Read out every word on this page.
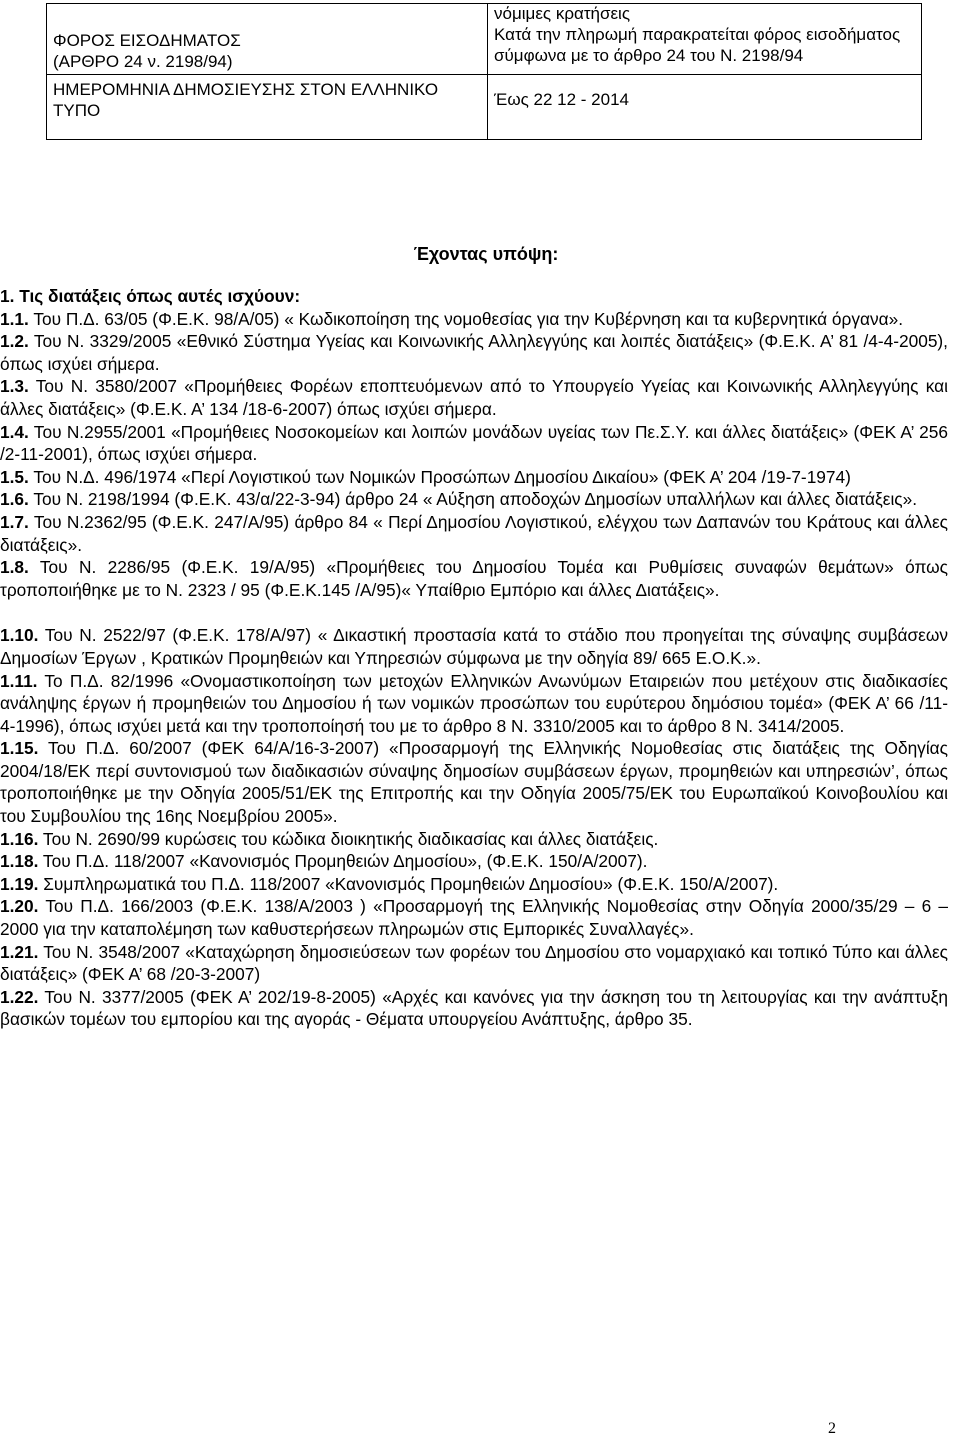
ΦΟΡΟΣ ΕΙΣΟΔΗΜΑΤΟΣ
(ΑΡΘΡΟ 24 ν. 2198/94)	νόμιμες κρατήσεις
Κατά την πληρωμή παρακρατείται φόρος εισοδήματος
σύμφωνα με το άρθρο 24 του Ν. 2198/94

ΗΜΕΡΟΜΗΝΙΑ ΔΗΜΟΣΙΕΥΣΗΣ ΣΤΟΝ ΕΛΛΗΝΙΚΟ
ΤΥΠΟ	Έως 22 12 - 2014
Έχοντας υπόψη:

1. Τις διατάξεις όπως αυτές ισχύουν:

1.1. Του Π.Δ. 63/05 (Φ.Ε.Κ. 98/Α/05) « Κωδικοποίηση της νομοθεσίας για την Κυβέρνηση και τα κυβερνητικά όργανα».

1.2. Του Ν. 3329/2005 «Εθνικό Σύστημα Υγείας και Κοινωνικής Αλληλεγγύης και λοιπές διατάξεις» (Φ.Ε.Κ. Α’ 81 /4-4-2005), όπως ισχύει σήμερα.

1.3. Του Ν. 3580/2007 «Προμήθειες Φορέων εποπτευόμενων από το Υπουργείο Υγείας και Κοινωνικής Αλληλεγγύης και άλλες διατάξεις» (Φ.Ε.Κ. Α’ 134 /18-6-2007) όπως ισχύει σήμερα.

1.4. Του Ν.2955/2001 «Προμήθειες Νοσοκομείων και λοιπών μονάδων υγείας των Πε.Σ.Υ. και άλλες διατάξεις» (ΦΕΚ Α’ 256 /2-11-2001), όπως ισχύει σήμερα.

1.5. Του Ν.Δ. 496/1974 «Περί Λογιστικού των Νομικών Προσώπων Δημοσίου Δικαίου» (ΦΕΚ Α’ 204 /19-7-1974)

1.6. Του Ν. 2198/1994 (Φ.Ε.Κ. 43/α/22-3-94) άρθρο 24 « Αύξηση αποδοχών Δημοσίων υπαλλήλων και άλλες διατάξεις».

1.7. Του Ν.2362/95 (Φ.Ε.Κ. 247/Α/95) άρθρο 84 « Περί Δημοσίου Λογιστικού, ελέγχου των Δαπανών του Κράτους και άλλες διατάξεις».

1.8. Του Ν. 2286/95 (Φ.Ε.Κ. 19/Α/95) «Προμήθειες του Δημοσίου Τομέα και Ρυθμίσεις συναφών θεμάτων» όπως τροποποιήθηκε με το Ν. 2323 / 95 (Φ.Ε.Κ.145 /Α/95)« Υπαίθριο Εμπόριο και άλλες Διατάξεις».

1.10. Του Ν. 2522/97 (Φ.Ε.Κ. 178/Α/97) « Δικαστική προστασία κατά το στάδιο που προηγείται της σύναψης συμβάσεων Δημοσίων Έργων , Κρατικών Προμηθειών και Υπηρεσιών σύμφωνα με την οδηγία 89/ 665 Ε.Ο.Κ.».

1.11. Το Π.Δ. 82/1996 «Ονομαστικοποίηση των μετοχών Ελληνικών Ανωνύμων Εταιρειών που μετέχουν στις διαδικασίες ανάληψης έργων ή προμηθειών του Δημοσίου ή των νομικών προσώπων του ευρύτερου δημόσιου τομέα» (ΦΕΚ Α’ 66 /11-4-1996), όπως ισχύει μετά και την τροποποίησή του με το άρθρο 8 Ν. 3310/2005 και το άρθρο 8 Ν. 3414/2005.

1.15. Του Π.Δ. 60/2007 (ΦΕΚ 64/Α/16-3-2007) «Προσαρμογή της Ελληνικής Νομοθεσίας στις διατάξεις της Οδηγίας 2004/18/ΕΚ περί συντονισμού των διαδικασιών σύναψης δημοσίων συμβάσεων έργων, προμηθειών και υπηρεσιών’, όπως τροποποιήθηκε με την Οδηγία 2005/51/ΕΚ της Επιτροπής και την Οδηγία 2005/75/ΕΚ του Ευρωπαϊκού Κοινοβουλίου και του Συμβουλίου της 16ης Νοεμβρίου 2005».

1.16. Του Ν. 2690/99 κυρώσεις του κώδικα διοικητικής διαδικασίας και άλλες διατάξεις.

1.18. Του Π.Δ. 118/2007 «Κανονισμός Προμηθειών Δημοσίου», (Φ.Ε.Κ. 150/Α/2007).

1.19. Συμπληρωματικά του Π.Δ. 118/2007 «Κανονισμός Προμηθειών Δημοσίου» (Φ.Ε.Κ. 150/Α/2007).

1.20. Του Π.Δ. 166/2003 (Φ.Ε.Κ. 138/Α/2003 ) «Προσαρμογή της Ελληνικής Νομοθεσίας στην Οδηγία 2000/35/29 – 6 – 2000 για την καταπολέμηση των καθυστερήσεων πληρωμών στις Εμπορικές Συναλλαγές».

1.21. Του Ν. 3548/2007 «Καταχώρηση δημοσιεύσεων των φορέων του Δημοσίου στο νομαρχιακό και τοπικό Τύπο και άλλες διατάξεις» (ΦΕΚ Α’ 68 /20-3-2007)

1.22. Του Ν. 3377/2005 (ΦΕΚ Α’ 202/19-8-2005) «Αρχές και κανόνες για την άσκηση του τη λειτουργίας και την ανάπτυξη βασικών τομέων του εμπορίου και της αγοράς - Θέματα υπουργείου Ανάπτυξης, άρθρο 35.

2
